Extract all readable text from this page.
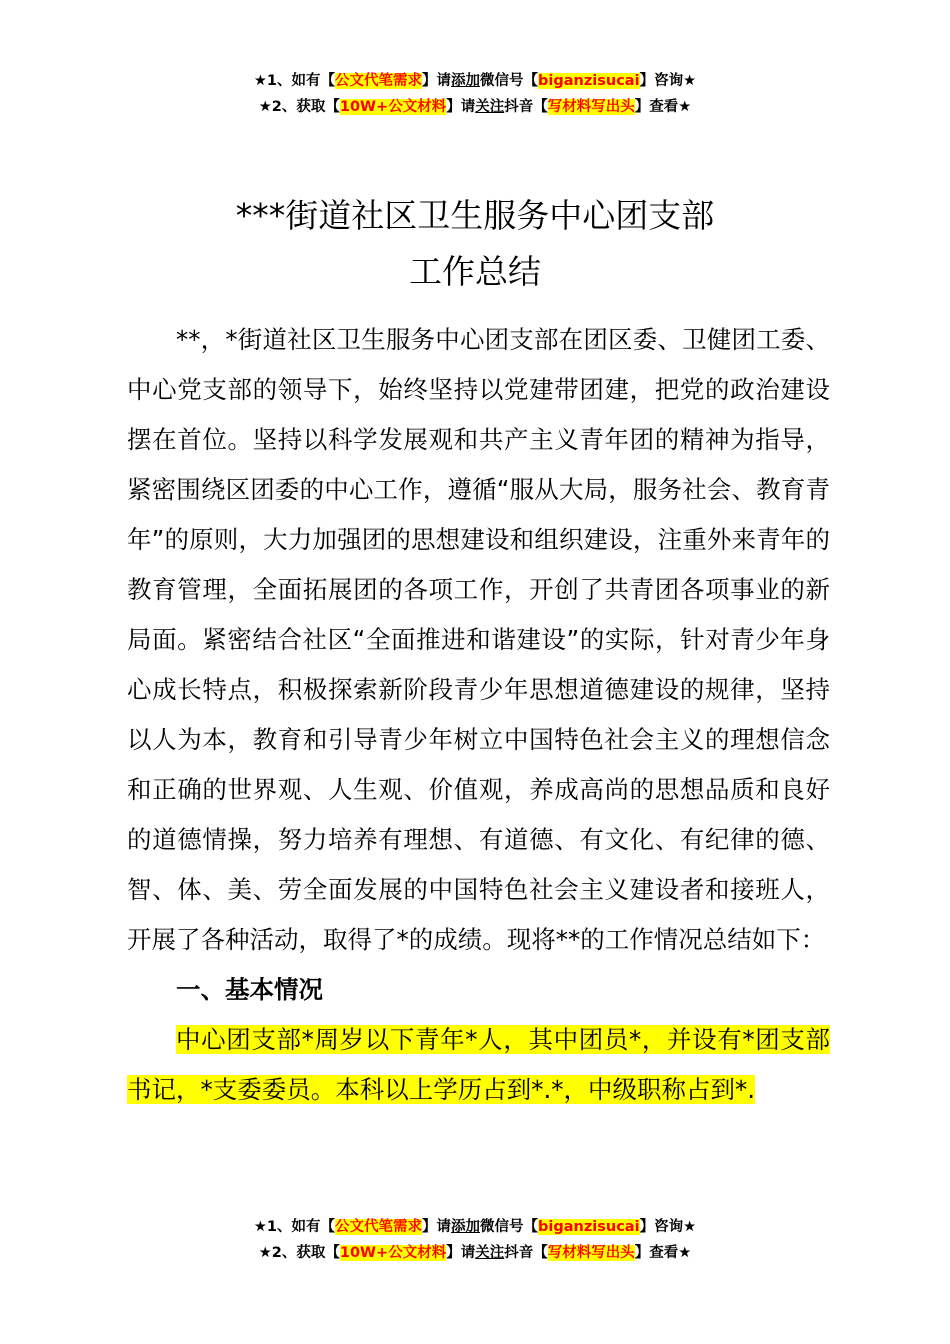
★1、如有【公文代笔需求】请添加微信号【biganzisucai】咨询★
★2、获取【10W+公文材料】请关注抖音【写材料写出头】查看★
***街道社区卫生服务中心团支部
工作总结

**，*街道社区卫生服务中心团支部在团区委、卫健团工委、中心党支部的领导下，始终坚持以党建带团建，把党的政治建设摆在首位。坚持以科学发展观和共产主义青年团的精神为指导，紧密围绕区团委的中心工作，遵循“服从大局，服务社会、教育青年”的原则，大力加强团的思想建设和组织建设，注重外来青年的教育管理，全面拓展团的各项工作，开创了共青团各项事业的新局面。紧密结合社区“全面推进和谐建设”的实际，针对青少年身心成长特点，积极探索新阶段青少年思想道德建设的规律，坚持以人为本，教育和引导青少年树立中国特色社会主义的理想信念和正确的世界观、人生观、价值观，养成高尚的思想品质和良好的道德情操，努力培养有理想、有道德、有文化、有纪律的德、智、体、美、劳全面发展的中国特色社会主义建设者和接班人，开展了各种活动，取得了*的成绩。现将**的工作情况总结如下：

一、基本情况

中心团支部*周岁以下青年*人，其中团员*，并设有*团支部书记，*支委委员。本科以上学历占到*.*，中级职称占到*.

★1、如有【公文代笔需求】请添加微信号【biganzisucai】咨询★
★2、获取【10W+公文材料】请关注抖音【写材料写出头】查看★
